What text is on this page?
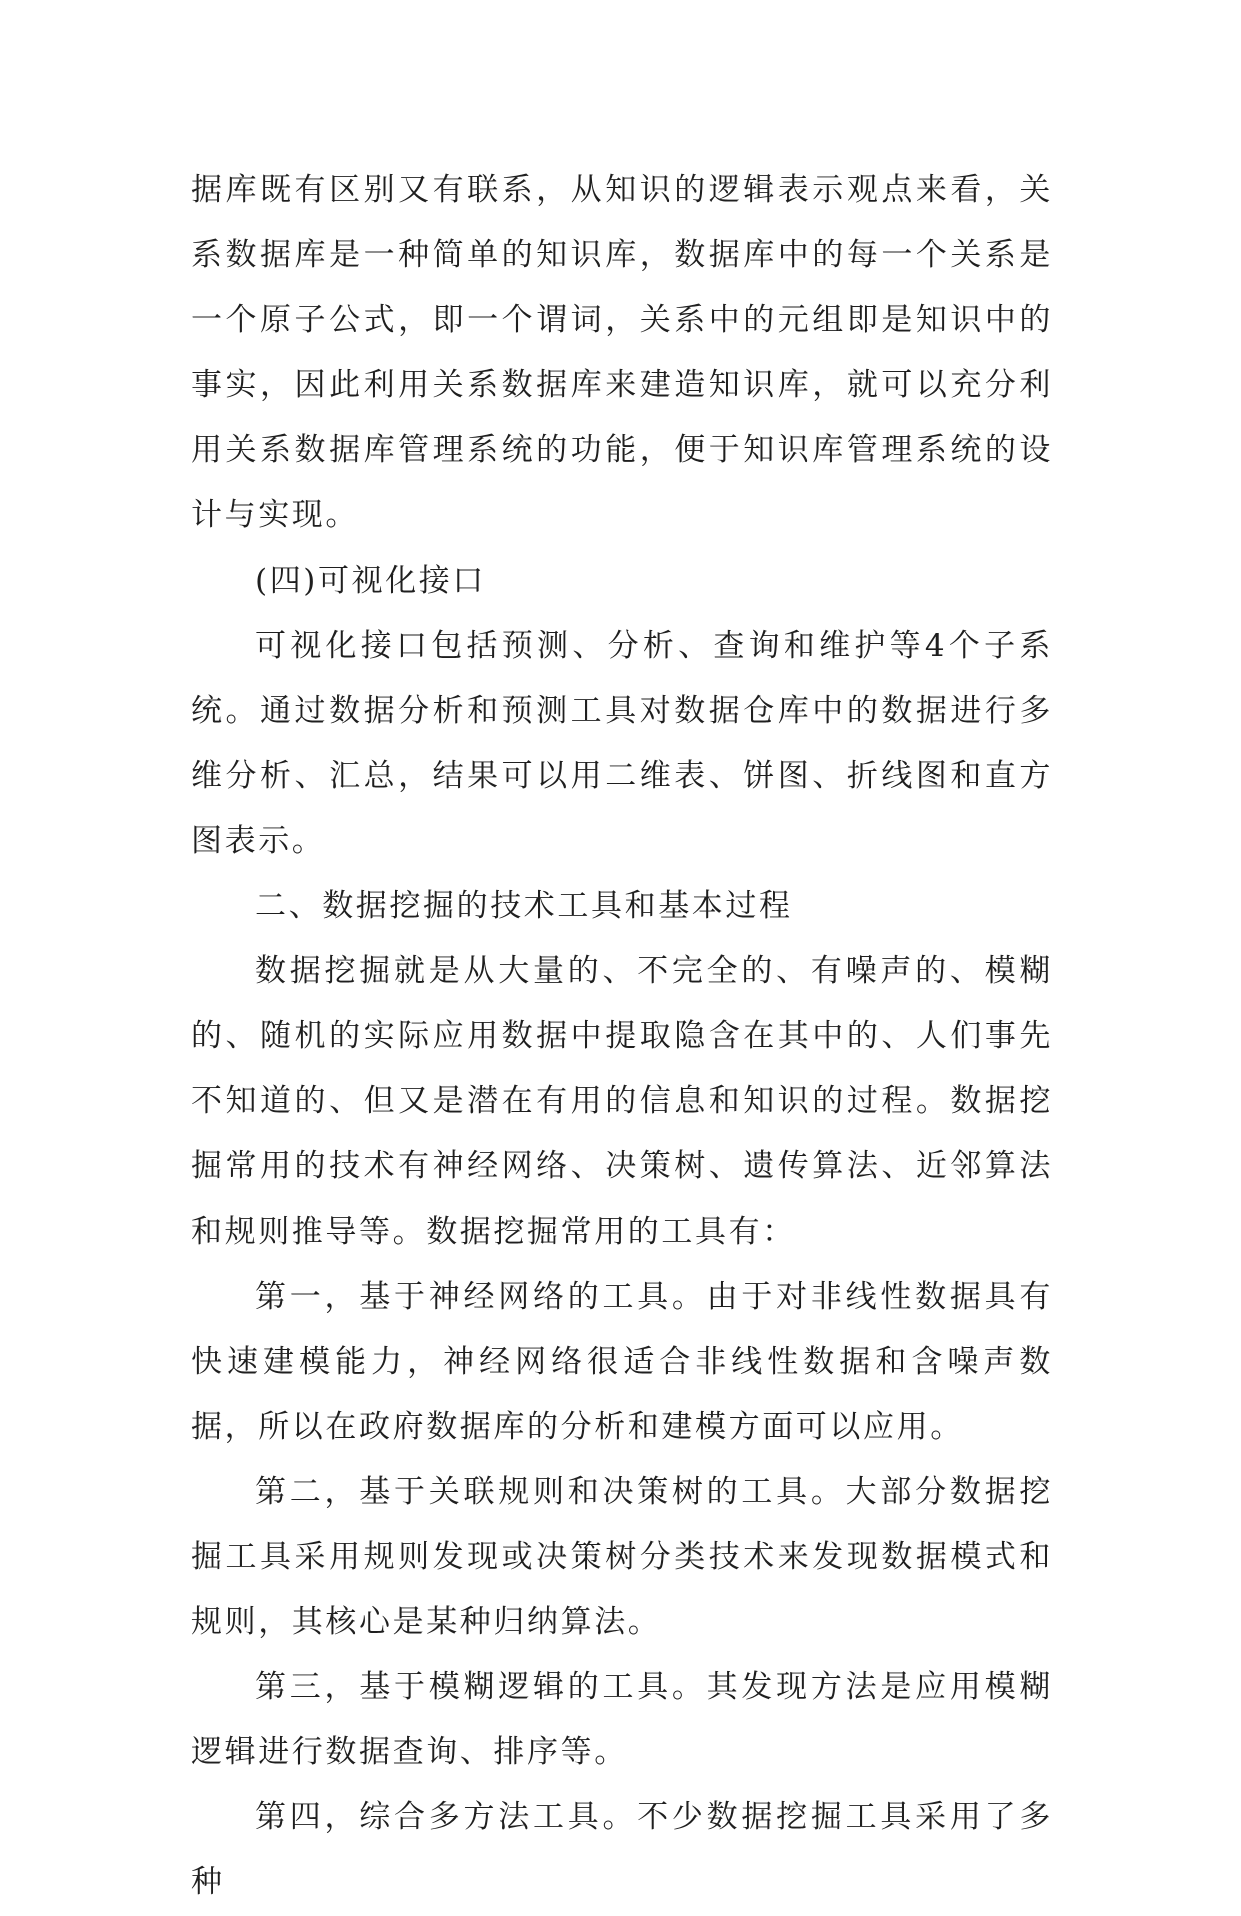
据库既有区别又有联系，从知识的逻辑表示观点来看，关系数据库是一种简单的知识库，数据库中的每一个关系是一个原子公式，即一个谓词，关系中的元组即是知识中的事实，因此利用关系数据库来建造知识库，就可以充分利用关系数据库管理系统的功能，便于知识库管理系统的设计与实现。

(四)可视化接口

可视化接口包括预测、分析、查询和维护等4个子系统。通过数据分析和预测工具对数据仓库中的数据进行多维分析、汇总，结果可以用二维表、饼图、折线图和直方图表示。

二、数据挖掘的技术工具和基本过程

数据挖掘就是从大量的、不完全的、有噪声的、模糊的、随机的实际应用数据中提取隐含在其中的、人们事先不知道的、但又是潜在有用的信息和知识的过程。数据挖掘常用的技术有神经网络、决策树、遗传算法、近邻算法和规则推导等。数据挖掘常用的工具有：

第一，基于神经网络的工具。由于对非线性数据具有快速建模能力，神经网络很适合非线性数据和含噪声数据，所以在政府数据库的分析和建模方面可以应用。

第二，基于关联规则和决策树的工具。大部分数据挖掘工具采用规则发现或决策树分类技术来发现数据模式和规则，其核心是某种归纳算法。

第三，基于模糊逻辑的工具。其发现方法是应用模糊逻辑进行数据查询、排序等。

第四，综合多方法工具。不少数据挖掘工具采用了多种
